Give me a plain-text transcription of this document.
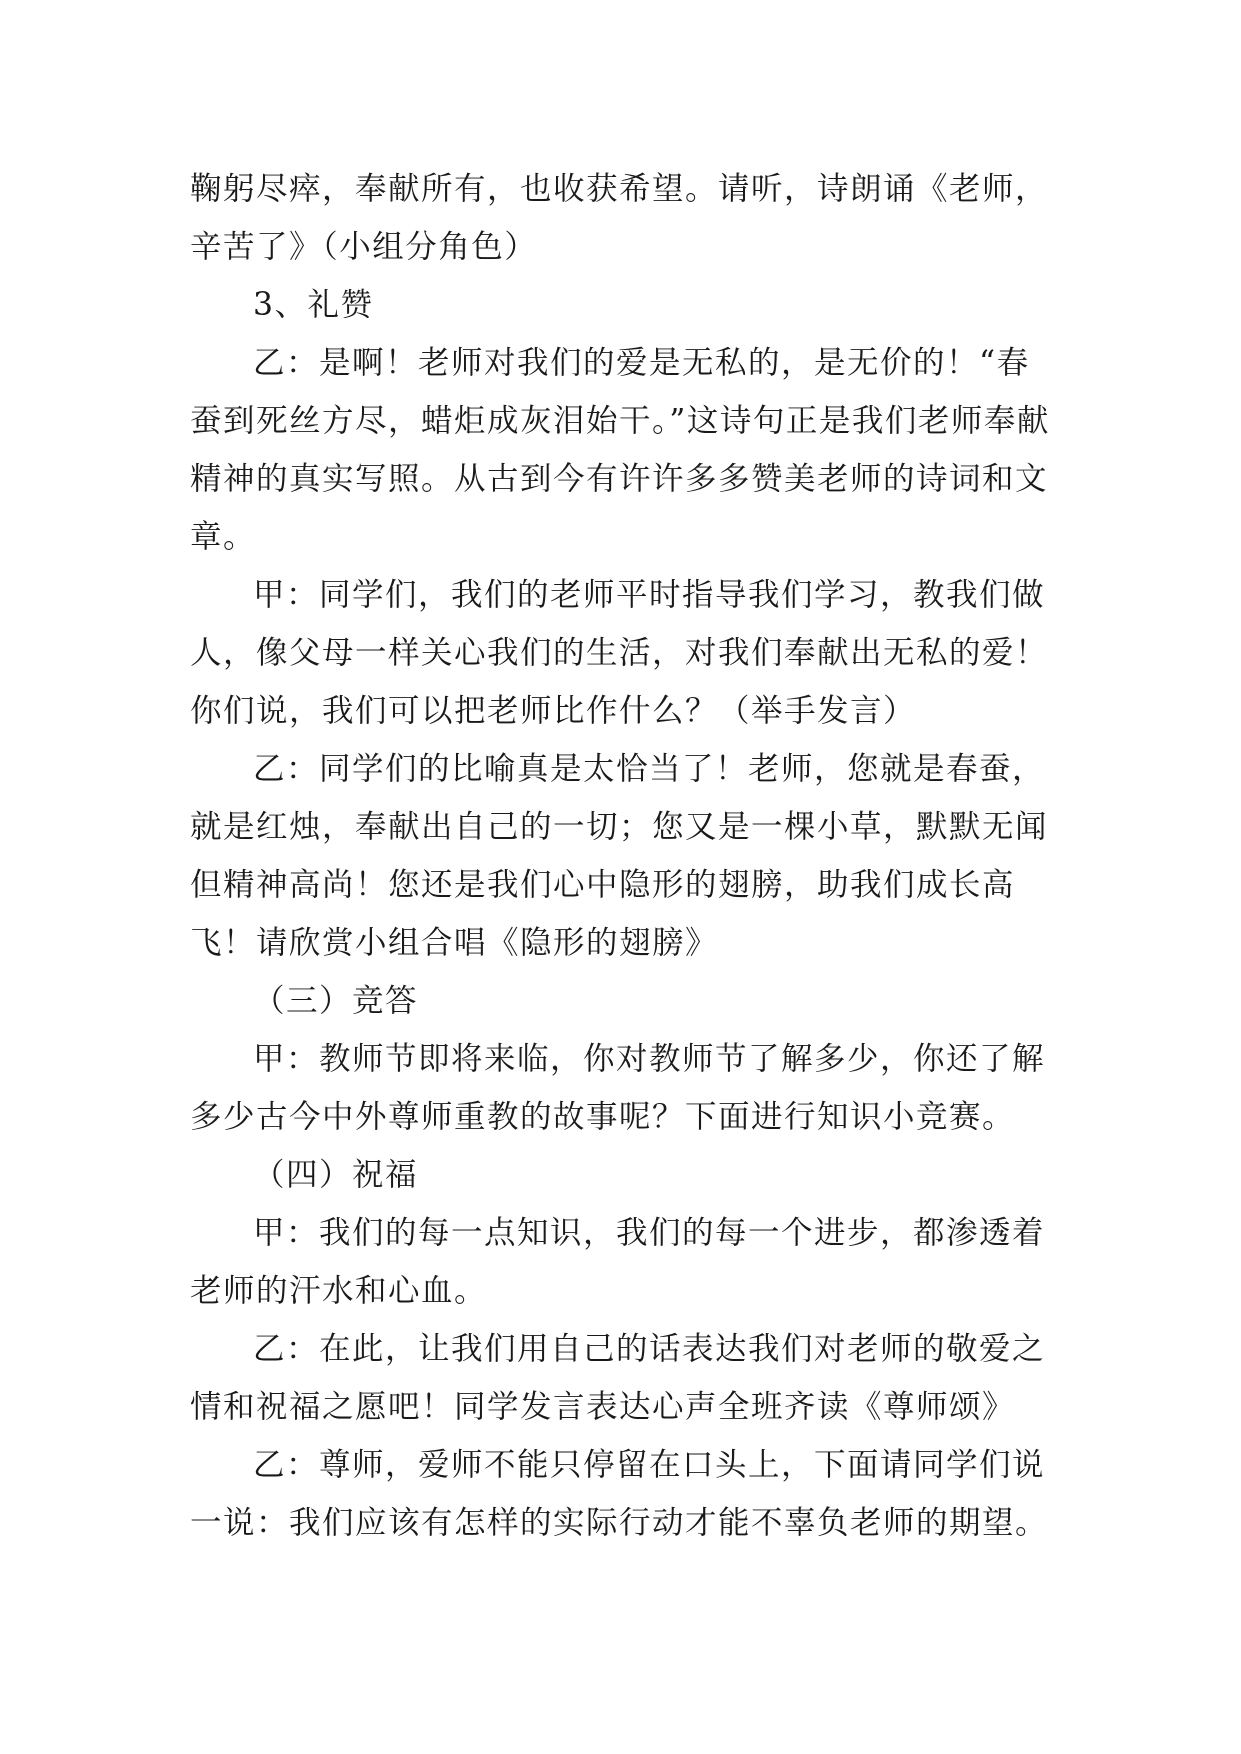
鞠躬尽瘁，奉献所有，也收获希望。请听，诗朗诵《老师，辛苦了》（小组分角色）

3、礼赞

乙：是啊！老师对我们的爱是无私的，是无价的！“春蚕到死丝方尽，蜡炬成灰泪始干。”这诗句正是我们老师奉献精神的真实写照。从古到今有许许多多赞美老师的诗词和文章。

甲：同学们，我们的老师平时指导我们学习，教我们做人，像父母一样关心我们的生活，对我们奉献出无私的爱！你们说，我们可以把老师比作什么？（举手发言）

乙：同学们的比喻真是太恰当了！老师，您就是春蚕，就是红烛，奉献出自己的一切；您又是一棵小草，默默无闻但精神高尚！您还是我们心中隐形的翅膀，助我们成长高飞！请欣赏小组合唱《隐形的翅膀》

（三）竞答

甲：教师节即将来临，你对教师节了解多少，你还了解多少古今中外尊师重教的故事呢？下面进行知识小竞赛。

（四）祝福

甲：我们的每一点知识，我们的每一个进步，都渗透着老师的汗水和心血。

乙：在此，让我们用自己的话表达我们对老师的敬爱之情和祝福之愿吧！同学发言表达心声全班齐读《尊师颂》

乙：尊师，爱师不能只停留在口头上，下面请同学们说一说：我们应该有怎样的实际行动才能不辜负老师的期望。
